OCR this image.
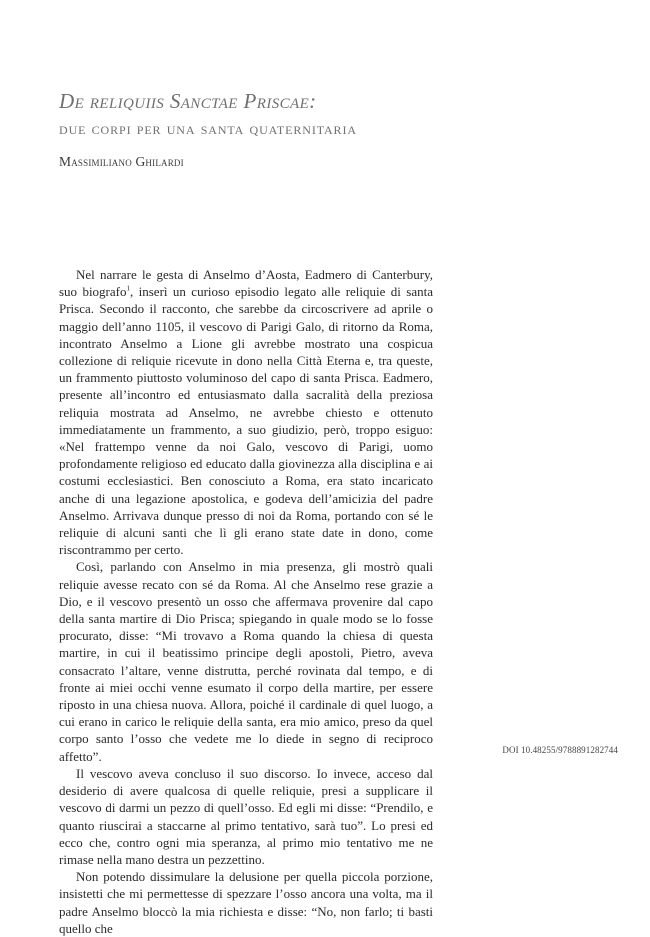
De reliquiis Sanctae Priscae:
due corpi per una santa quaternitaria
Massimiliano Ghilardi

Nel narrare le gesta di Anselmo d’Aosta, Eadmero di Canterbury, suo biografo$^1$, inserì un curioso episodio legato alle reliquie di santa Prisca. Secondo il racconto, che sarebbe da circoscrivere ad aprile o maggio dell’anno 1105, il vescovo di Parigi Galo, di ritorno da Roma, incontrato Anselmo a Lione gli avrebbe mostrato una cospicua collezione di reliquie ricevute in dono nella Città Eterna e, tra queste, un frammento piuttosto voluminoso del capo di santa Prisca. Eadmero, presente all’incontro ed entusiasmato dalla sacralità della preziosa reliquia mostrata ad Anselmo, ne avrebbe chiesto e ottenuto immediatamente un frammento, a suo giudizio, però, troppo esiguo: «Nel frattempo venne da noi Galo, vescovo di Parigi, uomo profondamente religioso ed educato dalla giovinezza alla disciplina e ai costumi ecclesiastici. Ben conosciuto a Roma, era stato incaricato anche di una legazione apostolica, e godeva dell’amicizia del padre Anselmo. Arrivava dunque presso di noi da Roma, portando con sé le reliquie di alcuni santi che lì gli erano state date in dono, come riscontrammo per certo.

Così, parlando con Anselmo in mia presenza, gli mostrò quali reliquie avesse recato con sé da Roma. Al che Anselmo rese grazie a Dio, e il vescovo presentò un osso che affermava provenire dal capo della santa martire di Dio Prisca; spiegando in quale modo se lo fosse procurato, disse: “Mi trovavo a Roma quando la chiesa di questa martire, in cui il beatissimo principe degli apostoli, Pietro, aveva consacrato l’altare, venne distrutta, perché rovinata dal tempo, e di fronte ai miei occhi venne esumato il corpo della martire, per essere riposto in una chiesa nuova. Allora, poiché il cardinale di quel luogo, a cui erano in carico le reliquie della santa, era mio amico, preso da quel corpo santo l’osso che vedete me lo diede in segno di reciproco affetto”.

Il vescovo aveva concluso il suo discorso. Io invece, acceso dal desiderio di avere qualcosa di quelle reliquie, presi a supplicare il vescovo di darmi un pezzo di quell’osso. Ed egli mi disse: “Prendilo, e quanto riuscirai a staccarne al primo tentativo, sarà tuo”. Lo presi ed ecco che, contro ogni mia speranza, al primo mio tentativo me ne rimase nella mano destra un pezzettino.

Non potendo dissimulare la delusione per quella piccola porzione, insistetti che mi permettesse di spezzare l’osso ancora una volta, ma il padre Anselmo bloccò la mia richiesta e disse: “No, non farlo; ti basti quello che

DOI 10.48255/9788891282744
